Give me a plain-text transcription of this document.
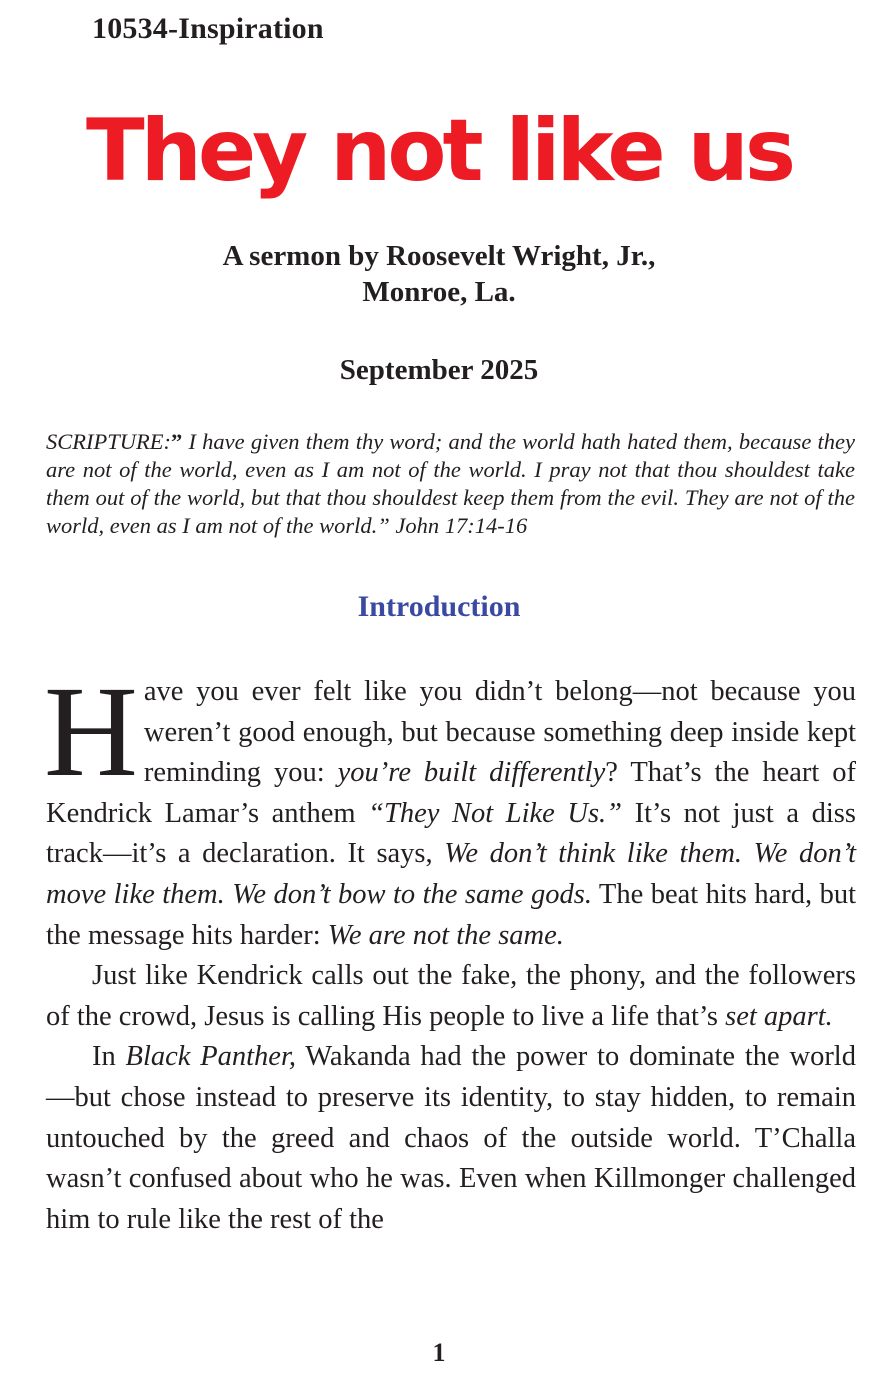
10534-Inspiration
They not like us
A sermon by Roosevelt Wright, Jr.,
Monroe, La.
September 2025
SCRIPTURE:” I have given them thy word; and the world hath hated them, because they are not of the world, even as I am not of the world. I pray not that thou shouldest take them out of the world, but that thou shouldest keep them from the evil. They are not of the world, even as I am not of the world.” John 17:14-16
Introduction

Have you ever felt like you didn’t belong—not because you weren’t good enough, but because something deep inside kept reminding you: you’re built differently? That’s the heart of Kendrick Lamar’s anthem “They Not Like Us.” It’s not just a diss track—it’s a declaration. It says, We don’t think like them. We don’t move like them. We don’t bow to the same gods. The beat hits hard, but the message hits harder: We are not the same.

Just like Kendrick calls out the fake, the phony, and the followers of the crowd, Jesus is calling His people to live a life that’s set apart.

In Black Panther, Wakanda had the power to dominate the world—but chose instead to preserve its identity, to stay hidden, to remain untouched by the greed and chaos of the outside world. T’Challa wasn’t confused about who he was. Even when Killmonger challenged him to rule like the rest of the

1
